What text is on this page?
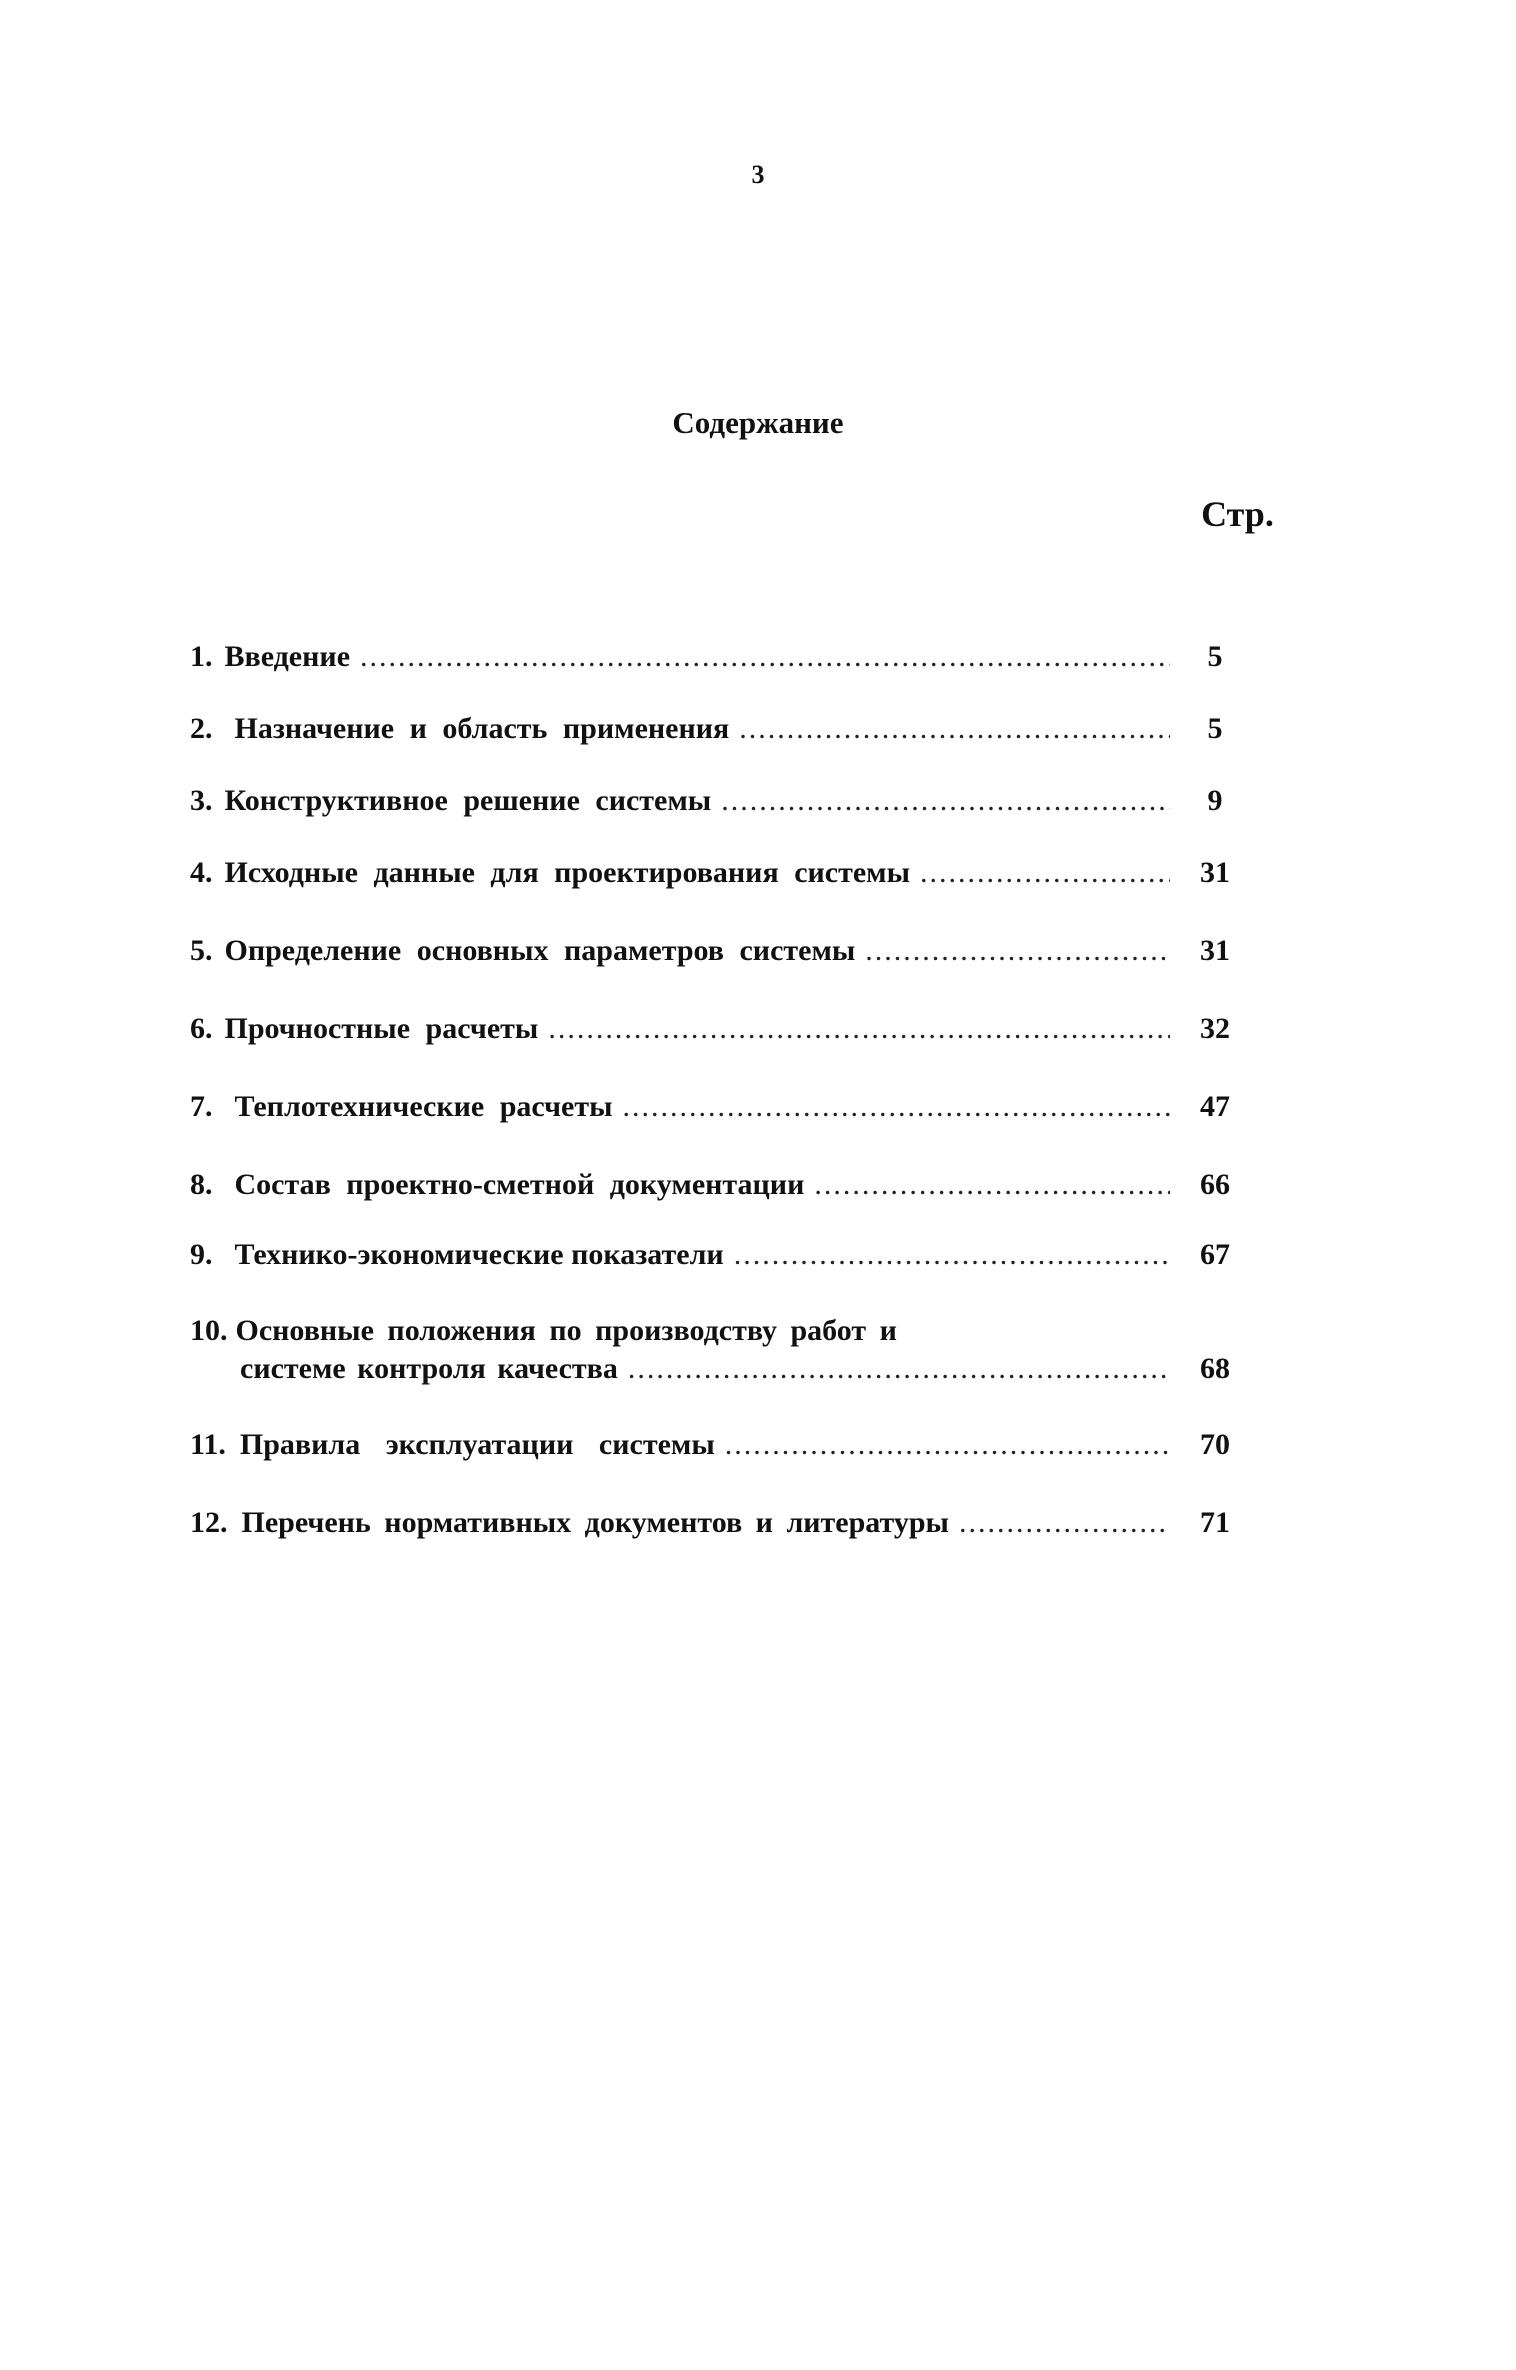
3
Содержание
Стр.
1. Введение .....	5
2. Назначение и область применения .....	5
3. Конструктивное решение системы .....	9
4. Исходные данные для проектирования системы .....	31
5. Определение основных параметров системы .....	31
6. Прочностные расчеты .....	32
7. Теплотехнические расчеты .....	47
8. Состав проектно-сметной документации .....	66
9. Технико-экономические показатели .....	67
10. Основные положения по производству работ и
системе контроля качества .....	68
11. Правила эксплуатации системы .....	70
12. Перечень нормативных документов и литературы .....	71
